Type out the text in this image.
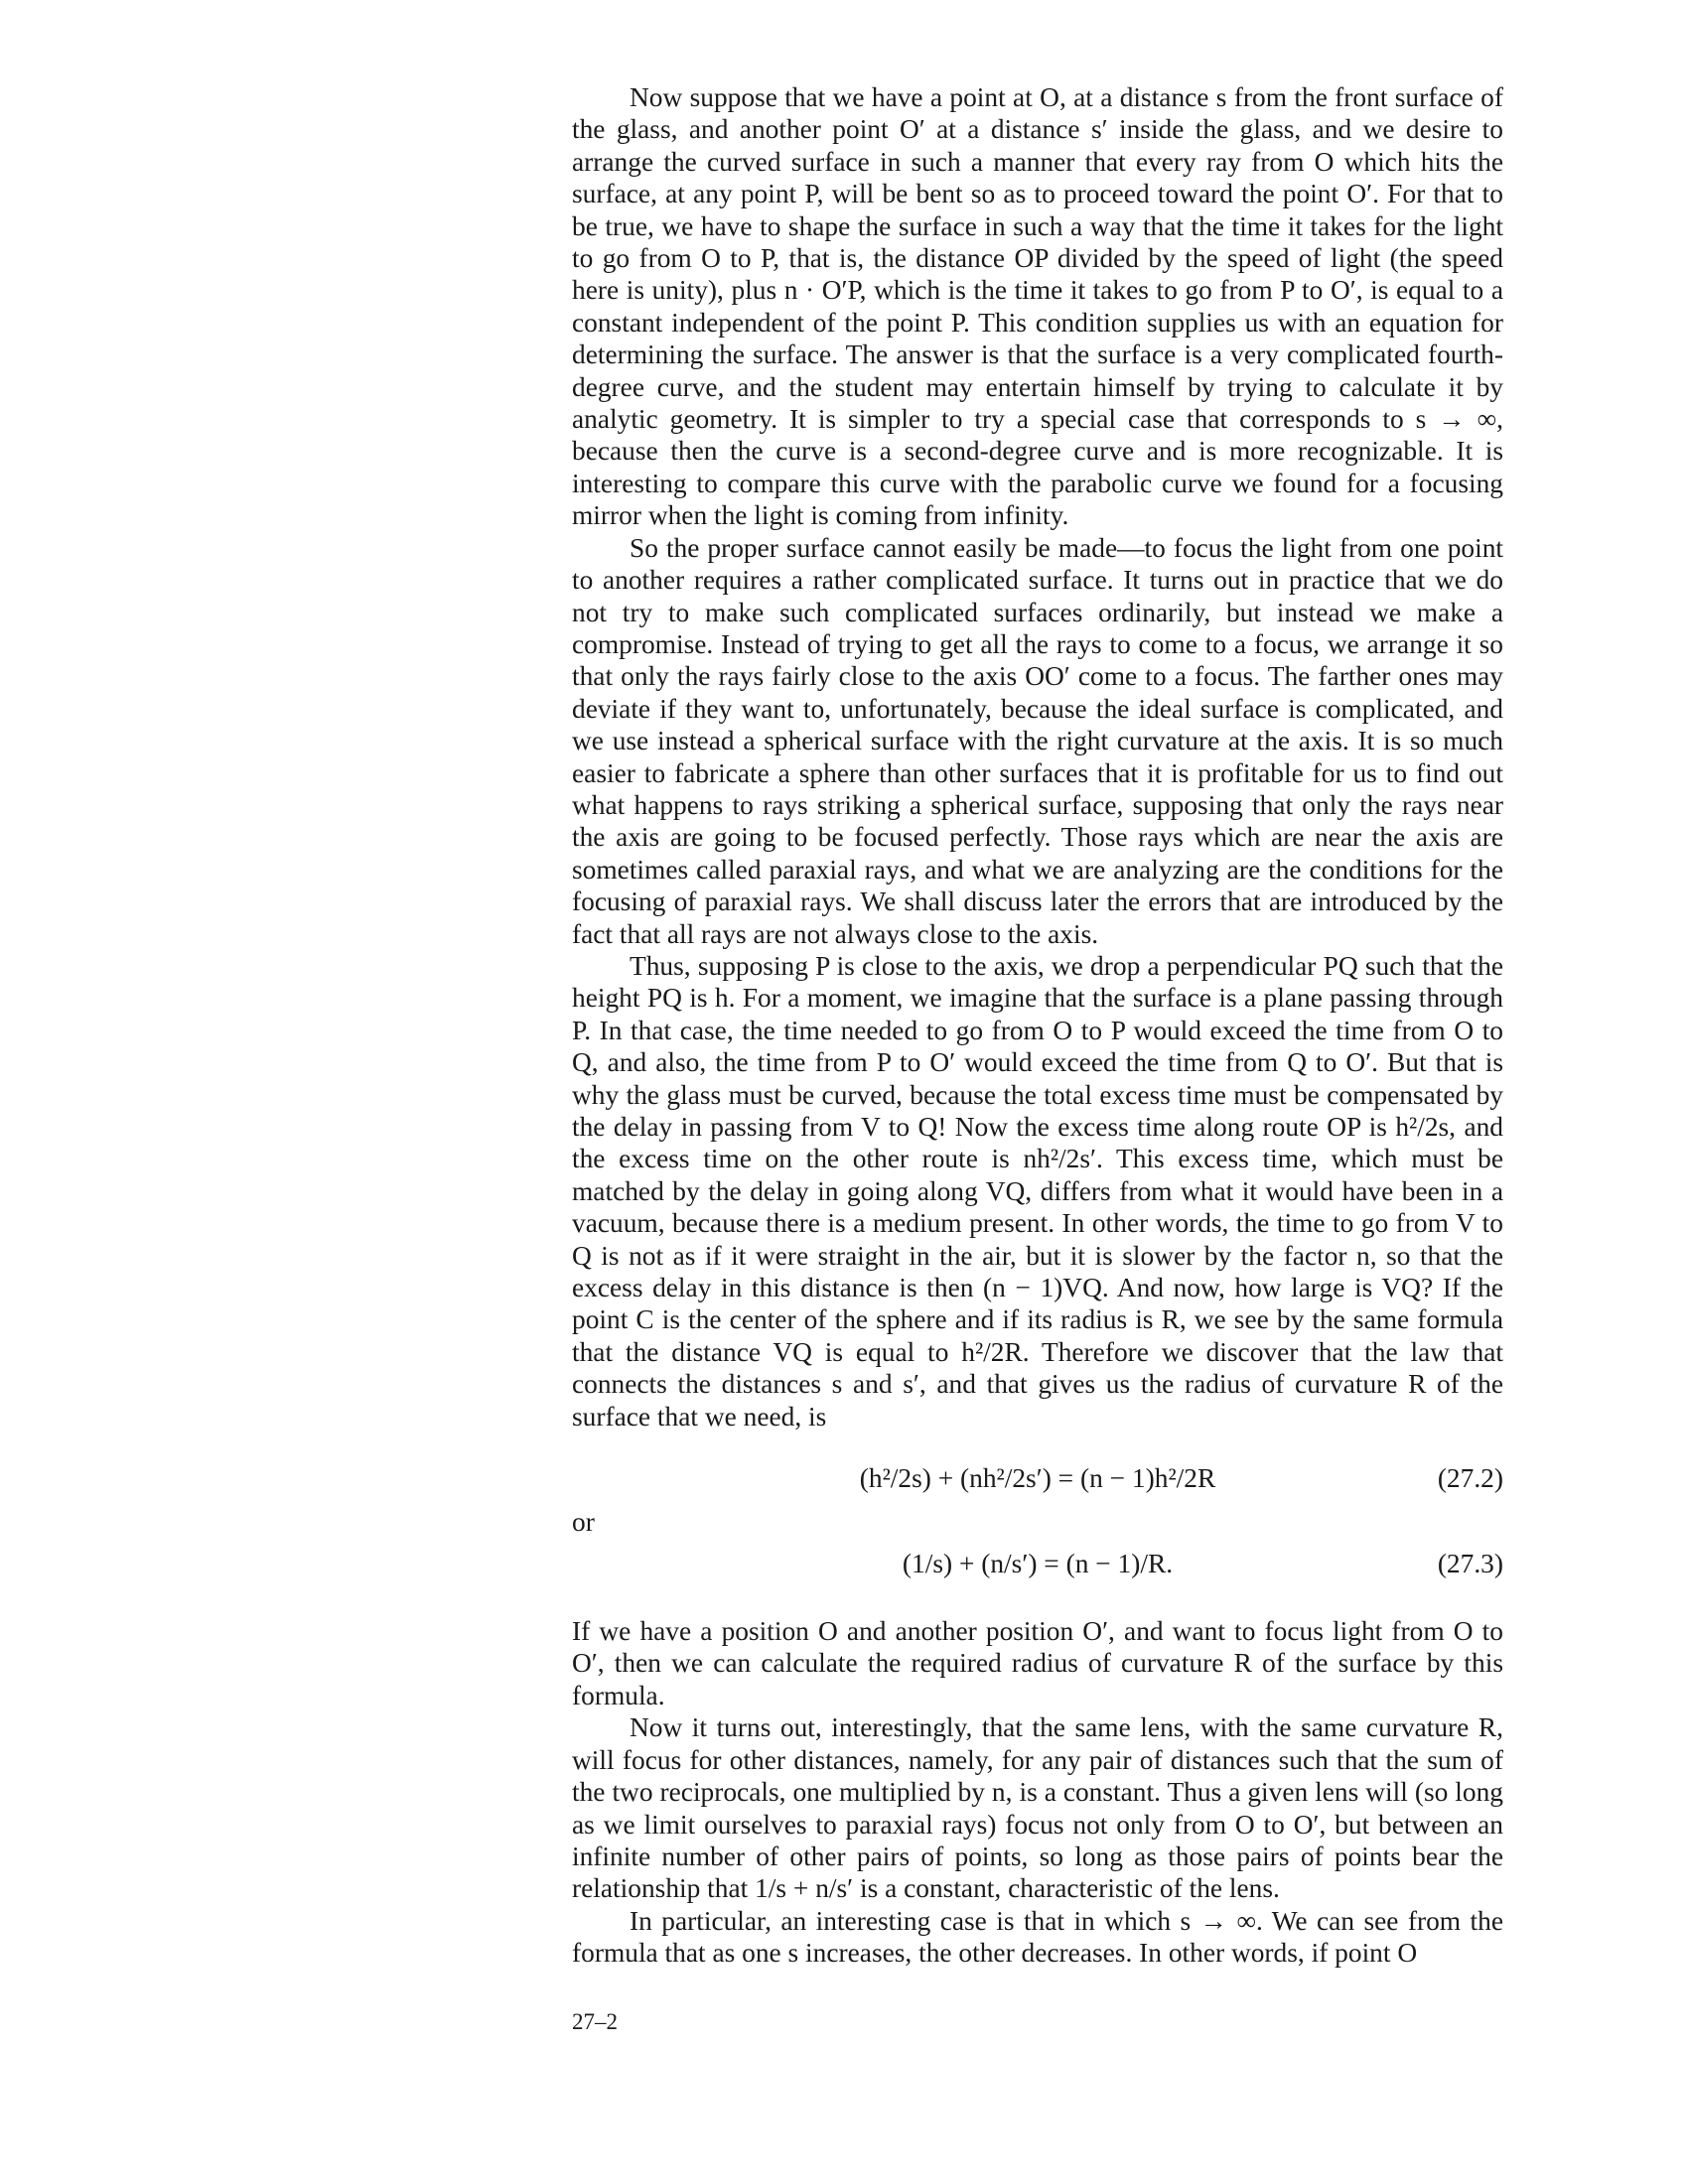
Now suppose that we have a point at O, at a distance s from the front surface of the glass, and another point O′ at a distance s′ inside the glass, and we desire to arrange the curved surface in such a manner that every ray from O which hits the surface, at any point P, will be bent so as to proceed toward the point O′. For that to be true, we have to shape the surface in such a way that the time it takes for the light to go from O to P, that is, the distance OP divided by the speed of light (the speed here is unity), plus n · O′P, which is the time it takes to go from P to O′, is equal to a constant independent of the point P. This condition supplies us with an equation for determining the surface. The answer is that the surface is a very complicated fourth-degree curve, and the student may entertain himself by trying to calculate it by analytic geometry. It is simpler to try a special case that corresponds to s → ∞, because then the curve is a second-degree curve and is more recognizable. It is interesting to compare this curve with the parabolic curve we found for a focusing mirror when the light is coming from infinity.

So the proper surface cannot easily be made—to focus the light from one point to another requires a rather complicated surface. It turns out in practice that we do not try to make such complicated surfaces ordinarily, but instead we make a compromise. Instead of trying to get all the rays to come to a focus, we arrange it so that only the rays fairly close to the axis OO′ come to a focus. The farther ones may deviate if they want to, unfortunately, because the ideal surface is complicated, and we use instead a spherical surface with the right curvature at the axis. It is so much easier to fabricate a sphere than other surfaces that it is profitable for us to find out what happens to rays striking a spherical surface, supposing that only the rays near the axis are going to be focused perfectly. Those rays which are near the axis are sometimes called paraxial rays, and what we are analyzing are the conditions for the focusing of paraxial rays. We shall discuss later the errors that are introduced by the fact that all rays are not always close to the axis.

Thus, supposing P is close to the axis, we drop a perpendicular PQ such that the height PQ is h. For a moment, we imagine that the surface is a plane passing through P. In that case, the time needed to go from O to P would exceed the time from O to Q, and also, the time from P to O′ would exceed the time from Q to O′. But that is why the glass must be curved, because the total excess time must be compensated by the delay in passing from V to Q! Now the excess time along route OP is h²/2s, and the excess time on the other route is nh²/2s′. This excess time, which must be matched by the delay in going along VQ, differs from what it would have been in a vacuum, because there is a medium present. In other words, the time to go from V to Q is not as if it were straight in the air, but it is slower by the factor n, so that the excess delay in this distance is then (n − 1)VQ. And now, how large is VQ? If the point C is the center of the sphere and if its radius is R, we see by the same formula that the distance VQ is equal to h²/2R. Therefore we discover that the law that connects the distances s and s′, and that gives us the radius of curvature R of the surface that we need, is

(h²/2s) + (nh²/2s′) = (n − 1)h²/2R	(27.2)

or

(1/s) + (n/s′) = (n − 1)/R.	(27.3)

If we have a position O and another position O′, and want to focus light from O to O′, then we can calculate the required radius of curvature R of the surface by this formula.

Now it turns out, interestingly, that the same lens, with the same curvature R, will focus for other distances, namely, for any pair of distances such that the sum of the two reciprocals, one multiplied by n, is a constant. Thus a given lens will (so long as we limit ourselves to paraxial rays) focus not only from O to O′, but between an infinite number of other pairs of points, so long as those pairs of points bear the relationship that 1/s + n/s′ is a constant, characteristic of the lens.

In particular, an interesting case is that in which s → ∞. We can see from the formula that as one s increases, the other decreases. In other words, if point O

27–2
